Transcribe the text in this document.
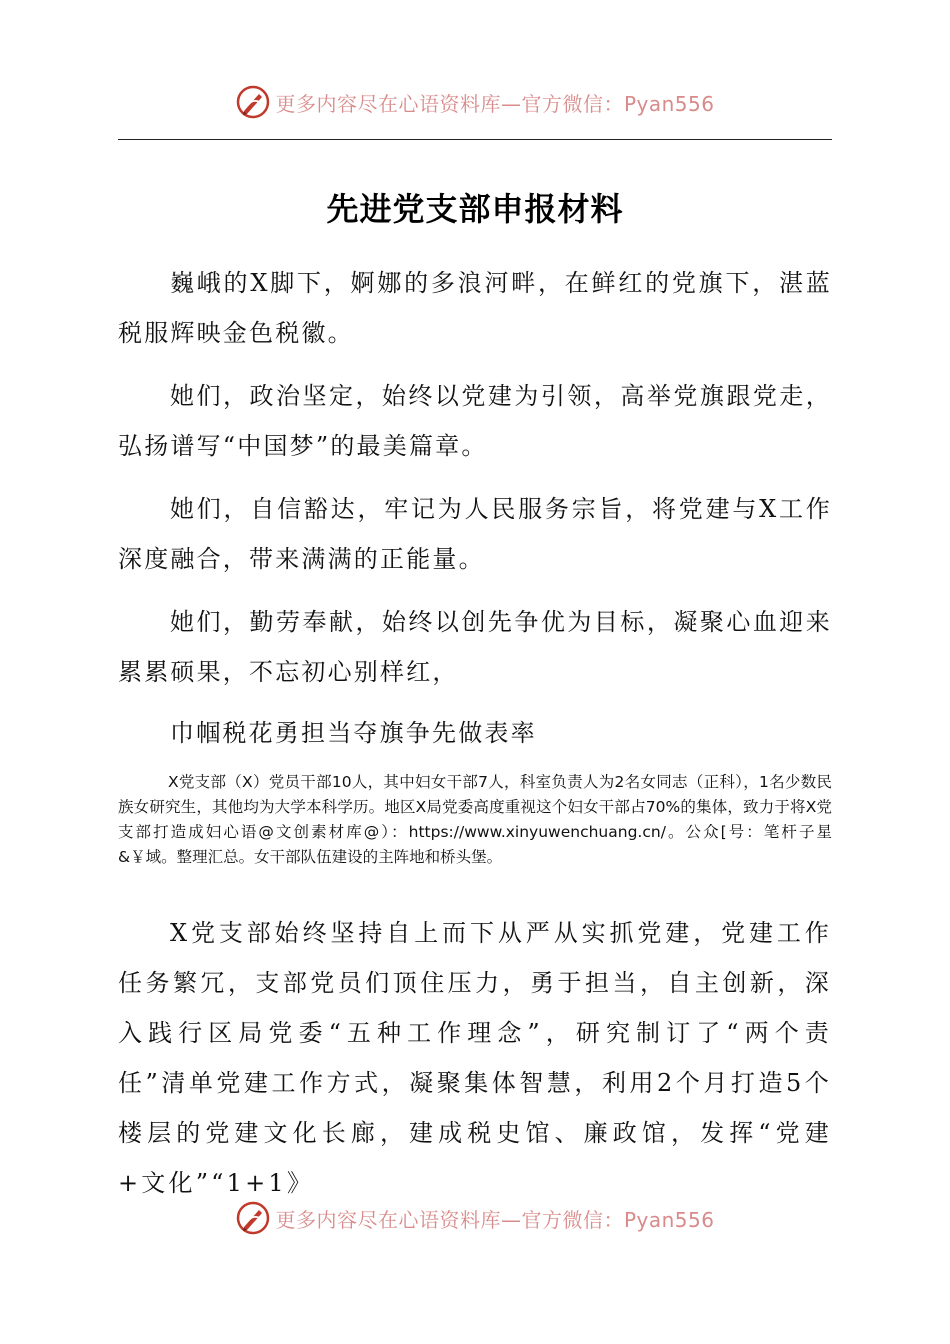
更多内容尽在心语资料库—官方微信：Pyan556
先进党支部申报材料

巍峨的X脚下，婀娜的多浪河畔，在鲜红的党旗下，湛蓝税服辉映金色税徽。

她们，政治坚定，始终以党建为引领，高举党旗跟党走，弘扬谱写“中国梦”的最美篇章。

她们，自信豁达，牢记为人民服务宗旨，将党建与X工作深度融合，带来满满的正能量。

她们，勤劳奉献，始终以创先争优为目标，凝聚心血迎来累累硕果，不忘初心别样红，

巾帼税花勇担当夺旗争先做表率

X党支部（X）党员干部10人，其中妇女干部7人，科室负责人为2名女同志（正科），1名少数民族女研究生，其他均为大学本科学历。地区X局党委高度重视这个妇女干部占70%的集体，致力于将X党支部打造成妇心语@文创素材库@）：https://www.xinyuwenchuang.cn/。公众[号：笔杆子星&￥域。整理汇总。女干部队伍建设的主阵地和桥头堡。

X党支部始终坚持自上而下从严从实抓党建，党建工作任务繁冗，支部党员们顶住压力，勇于担当，自主创新，深入践行区局党委“五种工作理念”，研究制订了“两个责任”清单党建工作方式，凝聚集体智慧，利用2个月打造5个楼层的党建文化长廊，建成税史馆、廉政馆，发挥“党建+文化”“1+1》

更多内容尽在心语资料库—官方微信：Pyan556
